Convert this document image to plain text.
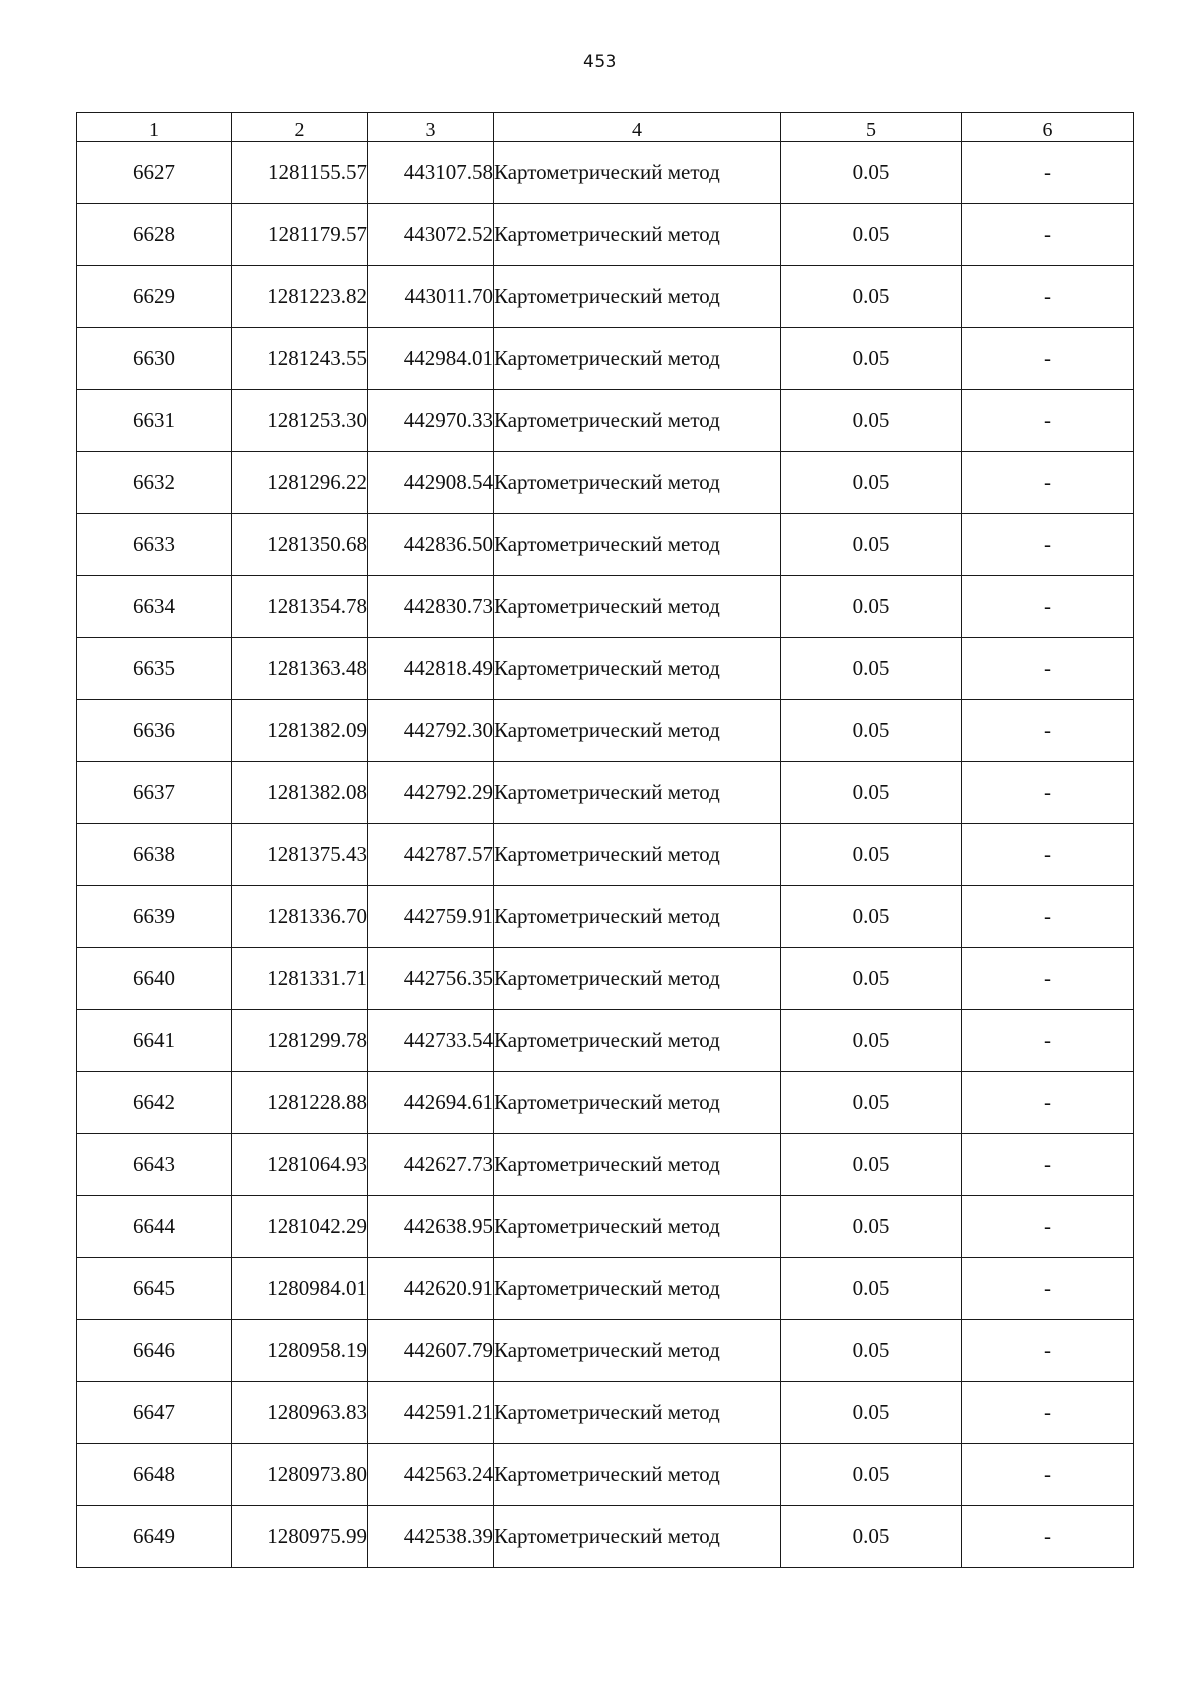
453
1	2	3	4	5	6
6627	1281155.57	443107.58	Картометрический метод	0.05	-
6628	1281179.57	443072.52	Картометрический метод	0.05	-
6629	1281223.82	443011.70	Картометрический метод	0.05	-
6630	1281243.55	442984.01	Картометрический метод	0.05	-
6631	1281253.30	442970.33	Картометрический метод	0.05	-
6632	1281296.22	442908.54	Картометрический метод	0.05	-
6633	1281350.68	442836.50	Картометрический метод	0.05	-
6634	1281354.78	442830.73	Картометрический метод	0.05	-
6635	1281363.48	442818.49	Картометрический метод	0.05	-
6636	1281382.09	442792.30	Картометрический метод	0.05	-
6637	1281382.08	442792.29	Картометрический метод	0.05	-
6638	1281375.43	442787.57	Картометрический метод	0.05	-
6639	1281336.70	442759.91	Картометрический метод	0.05	-
6640	1281331.71	442756.35	Картометрический метод	0.05	-
6641	1281299.78	442733.54	Картометрический метод	0.05	-
6642	1281228.88	442694.61	Картометрический метод	0.05	-
6643	1281064.93	442627.73	Картометрический метод	0.05	-
6644	1281042.29	442638.95	Картометрический метод	0.05	-
6645	1280984.01	442620.91	Картометрический метод	0.05	-
6646	1280958.19	442607.79	Картометрический метод	0.05	-
6647	1280963.83	442591.21	Картометрический метод	0.05	-
6648	1280973.80	442563.24	Картометрический метод	0.05	-
6649	1280975.99	442538.39	Картометрический метод	0.05	-
